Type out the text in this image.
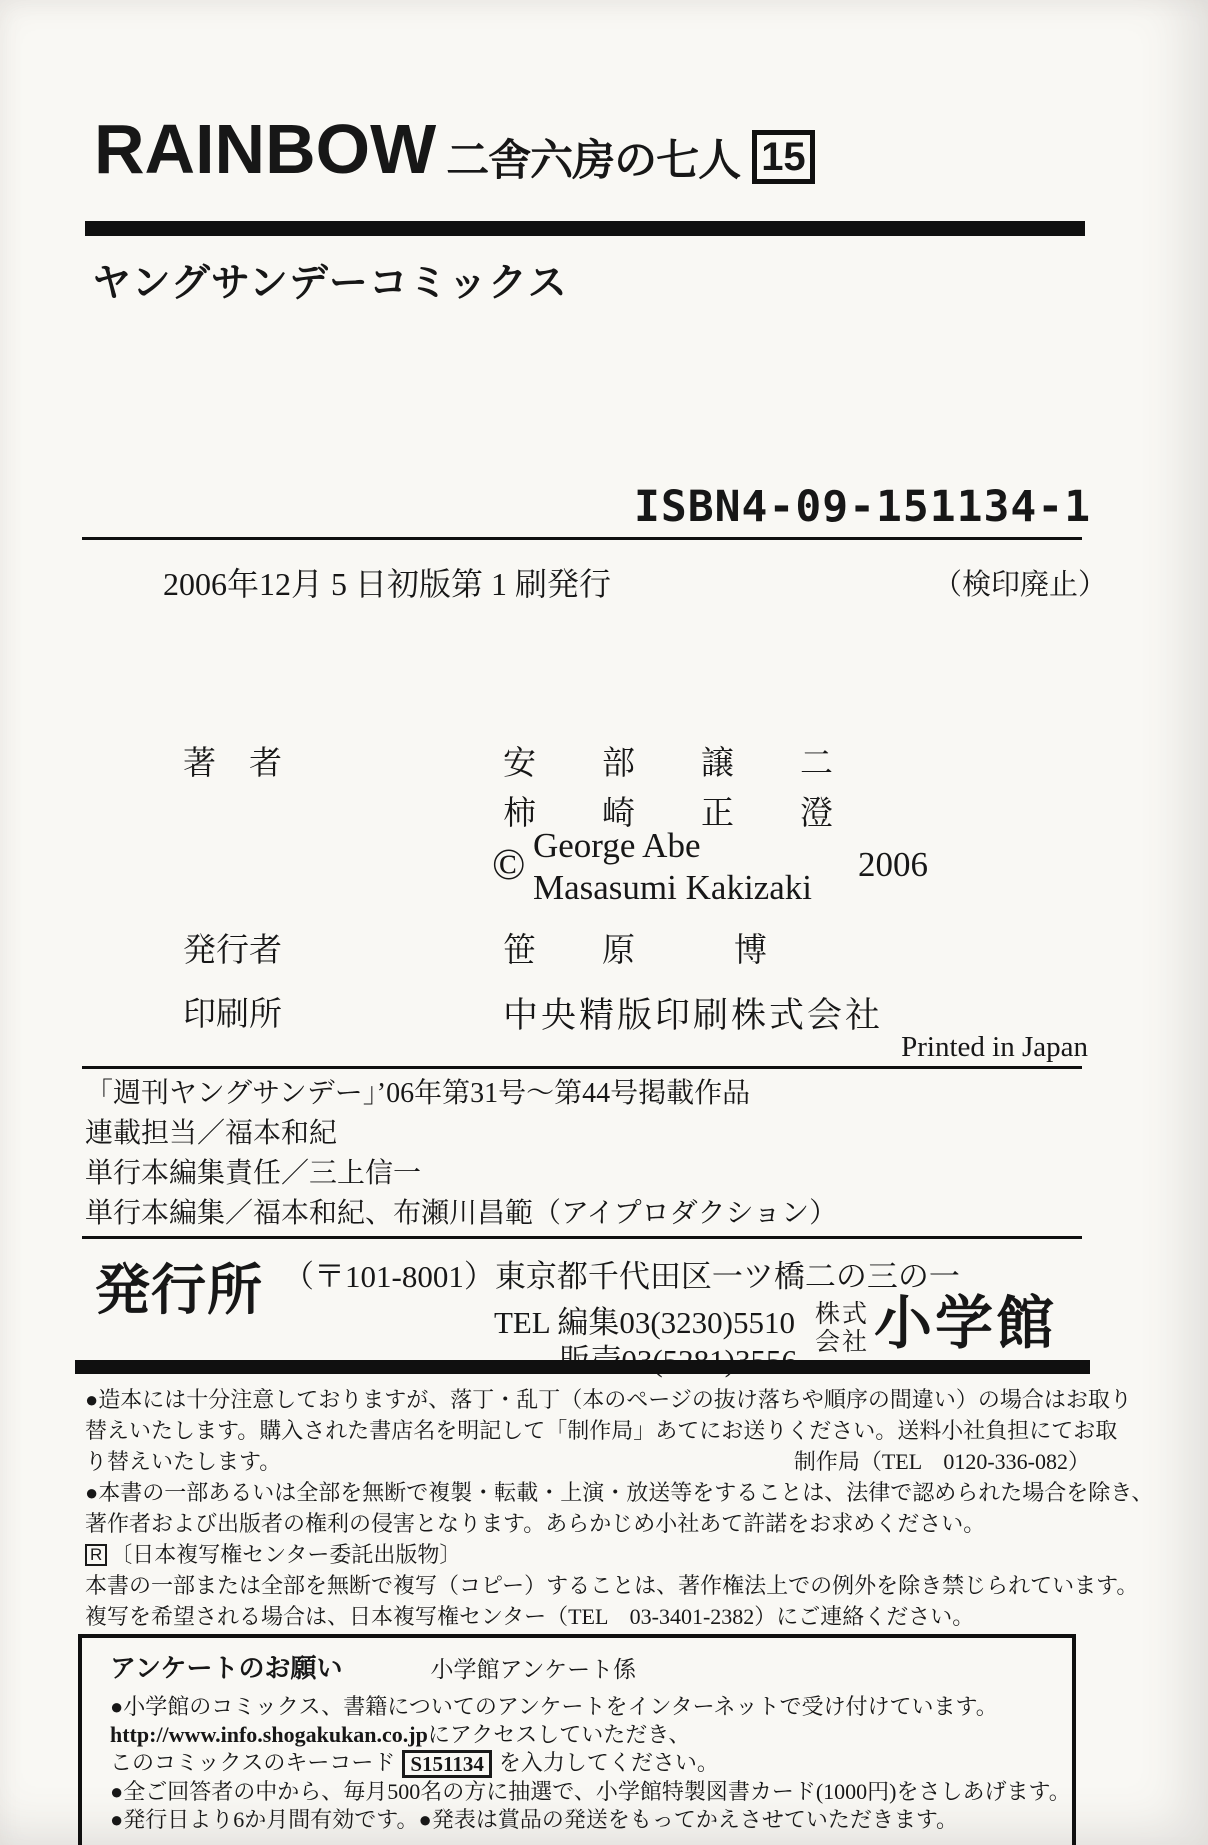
RAINBOW 二舎六房の七人 15
ヤングサンデーコミックス
ISBN4-09-151134-1
2006年12月 5 日初版第 1 刷発行	（検印廃止）
著　者	安　　部　　譲　　二
柿　　崎　　正　　澄
© George Abe
Masasumi Kakizaki
2006
発行者	笹　　原　　　博
印刷所	中央精版印刷株式会社
Printed in Japan
「週刊ヤングサンデー」’06年第31号～第44号掲載作品
連載担当／福本和紀
単行本編集責任／三上信一
単行本編集／福本和紀、布瀬川昌範（アイプロダクション）
発行所 （〒101-8001）東京都千代田区一ツ橋二の三の一
TEL 編集03(3230)5510 株式
会社 小学館
●造本には十分注意しておりますが、落丁・乱丁（本のページの抜け落ちや順序の間違い）の場合はお取り
替えいたします。購入された書店名を明記して「制作局」あてにお送りください。送料小社負担にてお取
り替えいたします。	制作局（TEL　0120-336-082）
●本書の一部あるいは全部を無断で複製・転載・上演・放送等をすることは、法律で認められた場合を除き、
著作者および出版者の権利の侵害となります。あらかじめ小社あて許諾をお求めください。
R 〔日本複写権センター委託出版物〕
本書の一部または全部を無断で複写（コピー）することは、著作権法上での例外を除き禁じられています。
複写を希望される場合は、日本複写権センター（TEL　03-3401-2382）にご連絡ください。
アンケートのお願い	小学館アンケート係
●小学館のコミックス、書籍についてのアンケートをインターネットで受け付けています。
http://www.info.shogakukan.co.jpにアクセスしていただき、
このコミックスのキーコード S151134 を入力してください。
●全ご回答者の中から、毎月500名の方に抽選で、小学館特製図書カード(1000円)をさしあげます。
●発行日より6か月間有効です。●発表は賞品の発送をもってかえさせていただきます。
